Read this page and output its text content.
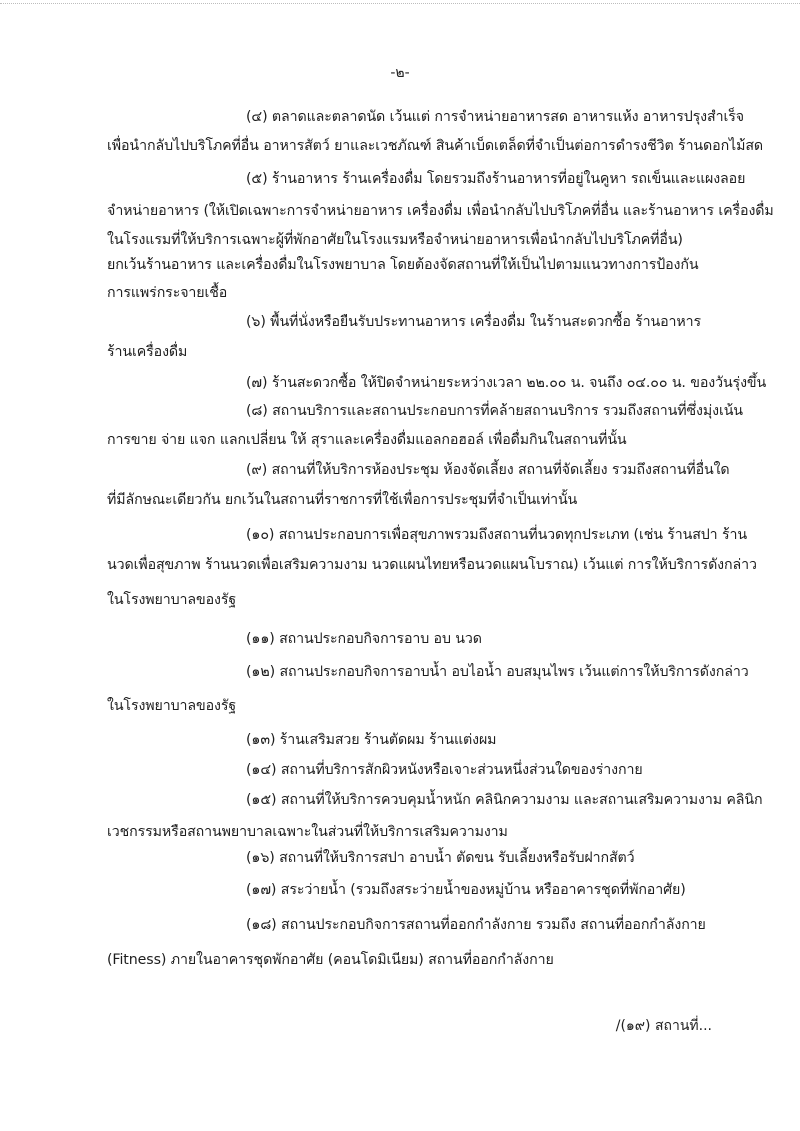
-๒-
(๔) ตลาดและตลาดนัด เว้นแต่ การจำหน่ายอาหารสด อาหารแห้ง อาหารปรุงสำเร็จ
เพื่อนำกลับไปบริโภคที่อื่น อาหารสัตว์ ยาและเวชภัณฑ์ สินค้าเบ็ดเตล็ดที่จำเป็นต่อการดำรงชีวิต ร้านดอกไม้สด
(๕) ร้านอาหาร ร้านเครื่องดื่ม โดยรวมถึงร้านอาหารที่อยู่ในคูหา รถเข็นและแผงลอย
จำหน่ายอาหาร (ให้เปิดเฉพาะการจำหน่ายอาหาร เครื่องดื่ม เพื่อนำกลับไปบริโภคที่อื่น และร้านอาหาร เครื่องดื่ม
ในโรงแรมที่ให้บริการเฉพาะผู้ที่พักอาศัยในโรงแรมหรือจำหน่ายอาหารเพื่อนำกลับไปบริโภคที่อื่น)
ยกเว้นร้านอาหาร และเครื่องดื่มในโรงพยาบาล โดยต้องจัดสถานที่ให้เป็นไปตามแนวทางการป้องกัน
การแพร่กระจายเชื้อ
(๖) พื้นที่นั่งหรือยืนรับประทานอาหาร เครื่องดื่ม ในร้านสะดวกซื้อ ร้านอาหาร
ร้านเครื่องดื่ม
(๗) ร้านสะดวกซื้อ ให้ปิดจำหน่ายระหว่างเวลา ๒๒.๐๐ น. จนถึง ๐๔.๐๐ น. ของวันรุ่งขึ้น
(๘) สถานบริการและสถานประกอบการที่คล้ายสถานบริการ รวมถึงสถานที่ซึ่งมุ่งเน้น
การขาย จ่าย แจก แลกเปลี่ยน ให้ สุราและเครื่องดื่มแอลกอฮอล์ เพื่อดื่มกินในสถานที่นั้น
(๙) สถานที่ให้บริการห้องประชุม ห้องจัดเลี้ยง สถานที่จัดเลี้ยง รวมถึงสถานที่อื่นใด
ที่มีลักษณะเดียวกัน ยกเว้นในสถานที่ราชการที่ใช้เพื่อการประชุมที่จำเป็นเท่านั้น
(๑๐) สถานประกอบการเพื่อสุขภาพรวมถึงสถานที่นวดทุกประเภท (เช่น ร้านสปา ร้าน
นวดเพื่อสุขภาพ ร้านนวดเพื่อเสริมความงาม นวดแผนไทยหรือนวดแผนโบราณ) เว้นแต่ การให้บริการดังกล่าว
ในโรงพยาบาลของรัฐ
(๑๑) สถานประกอบกิจการอาบ อบ นวด
(๑๒) สถานประกอบกิจการอาบน้ำ อบไอน้ำ อบสมุนไพร เว้นแต่การให้บริการดังกล่าว
ในโรงพยาบาลของรัฐ
(๑๓) ร้านเสริมสวย ร้านตัดผม ร้านแต่งผม
(๑๔) สถานที่บริการสักผิวหนังหรือเจาะส่วนหนึ่งส่วนใดของร่างกาย
(๑๕) สถานที่ให้บริการควบคุมน้ำหนัก คลินิกความงาม และสถานเสริมความงาม คลินิก
เวชกรรมหรือสถานพยาบาลเฉพาะในส่วนที่ให้บริการเสริมความงาม
(๑๖) สถานที่ให้บริการสปา อาบน้ำ ตัดขน รับเลี้ยงหรือรับฝากสัตว์
(๑๗) สระว่ายน้ำ (รวมถึงสระว่ายน้ำของหมู่บ้าน หรืออาคารชุดที่พักอาศัย)
(๑๘) สถานประกอบกิจการสถานที่ออกกำลังกาย รวมถึง สถานที่ออกกำลังกาย
(Fitness) ภายในอาคารชุดพักอาศัย (คอนโดมิเนียม) สถานที่ออกกำลังกาย
/(๑๙) สถานที่...
